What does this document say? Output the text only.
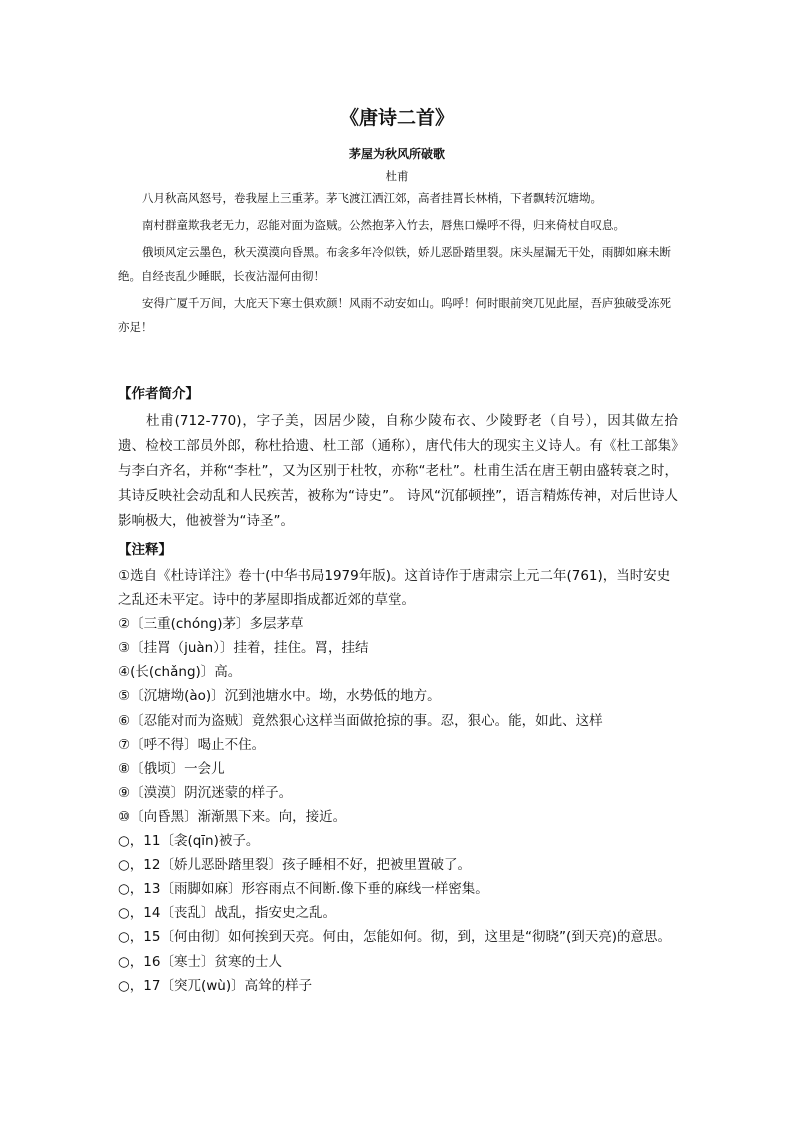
《唐诗二首》
茅屋为秋风所破歌
杜甫

八月秋高风怒号，卷我屋上三重茅。茅飞渡江洒江郊，高者挂罥长林梢，下者飘转沉塘坳。

南村群童欺我老无力，忍能对面为盗贼。公然抱茅入竹去，唇焦口燥呼不得，归来倚杖自叹息。

俄顷风定云墨色，秋天漠漠向昏黑。布衾多年冷似铁，娇儿恶卧踏里裂。床头屋漏无干处，雨脚如麻未断绝。自经丧乱少睡眠，长夜沾湿何由彻！

安得广厦千万间，大庇天下寒士俱欢颜！风雨不动安如山。呜呼！何时眼前突兀见此屋，吾庐独破受冻死亦足！

【作者简介】

杜甫(712-770)，字子美，因居少陵，自称少陵布衣、少陵野老（自号），因其做左拾遗、检校工部员外郎，称杜拾遗、杜工部（通称），唐代伟大的现实主义诗人。有《杜工部集》与李白齐名，并称“李杜”，又为区别于杜牧，亦称“老杜”。杜甫生活在唐王朝由盛转衰之时，其诗反映社会动乱和人民疾苦，被称为“诗史”。 诗风“沉郁顿挫”，语言精炼传神，对后世诗人影响极大，他被誉为“诗圣”。

【注释】
①选自《杜诗详注》卷十(中华书局1979年版)。这首诗作于唐肃宗上元二年(761)，当时安史之乱还未平定。诗中的茅屋即指成都近郊的草堂。
②〔三重(chóng)茅〕多层茅草
③〔挂罥（juàn）〕挂着，挂住。罥，挂结
④(长(chǎng)〕高。
⑤〔沉塘坳(ào)〕沉到池塘水中。坳，水势低的地方。
⑥〔忍能对而为盗贼〕竟然狠心这样当面做抢掠的事。忍，狠心。能，如此、这样
⑦〔呼不得〕喝止不住。
⑧〔俄顷〕一会儿
⑨〔漠漠〕阴沉迷蒙的样子。
⑩〔向昏黑〕渐渐黑下来。向，接近。
○，11〔衾(qīn)被子。
○，12〔娇儿恶卧踏里裂〕孩子睡相不好，把被里置破了。
○，13〔雨脚如麻〕形容雨点不间断.像下垂的麻线一样密集。
○，14〔丧乱〕战乱，指安史之乱。
○，15〔何由彻〕如何挨到天亮。何由，怎能如何。彻，到，这里是“彻晓”(到天亮)的意思。
○，16〔寒士〕贫寒的士人
○，17〔突兀(wù)〕高耸的样子
